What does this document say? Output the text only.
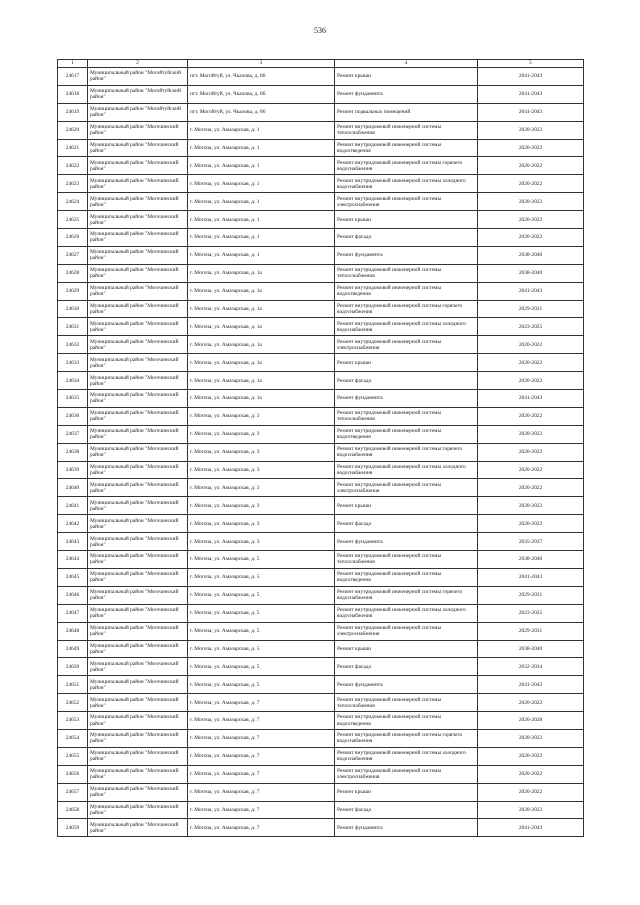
536
1	2	3	4	5
24617	Муниципальный район "Могойтуйский район"	пгт. Могойтуй, ул. Чкалова, д. 86	Ремонт крыши	2041-2043
24618	Муниципальный район "Могойтуйский район"	пгт. Могойтуй, ул. Чкалова, д. 86	Ремонт фундамента	2041-2043
24619	Муниципальный район "Могойтуйский район"	пгт. Могойтуй, ул. Чкалова, д. 86	Ремонт подвальных помещений	2041-2043
24620	Муниципальный район "Могочинский район"	г. Могоча, ул. Амазарская, д. 1	Ремонт внутридомовой инженерной системы теплоснабжения	2020-2022
24621	Муниципальный район "Могочинский район"	г. Могоча, ул. Амазарская, д. 1	Ремонт внутридомовой инженерной системы водоотведения	2020-2022
24622	Муниципальный район "Могочинский район"	г. Могоча, ул. Амазарская, д. 1	Ремонт внутридомовой инженерной системы горячего водоснабжения	2020-2022
24623	Муниципальный район "Могочинский район"	г. Могоча, ул. Амазарская, д. 1	Ремонт внутридомовой инженерной системы холодного водоснабжения	2020-2022
24624	Муниципальный район "Могочинский район"	г. Могоча, ул. Амазарская, д. 1	Ремонт внутридомовой инженерной системы электроснабжения	2020-2022
24625	Муниципальный район "Могочинский район"	г. Могоча, ул. Амазарская, д. 1	Ремонт крыши	2020-2022
24626	Муниципальный район "Могочинский район"	г. Могоча, ул. Амазарская, д. 1	Ремонт фасада	2020-2022
24627	Муниципальный район "Могочинский район"	г. Могоча, ул. Амазарская, д. 1	Ремонт фундамента	2038-2040
24628	Муниципальный район "Могочинский район"	г. Могоча, ул. Амазарская, д. 1а	Ремонт внутридомовой инженерной системы теплоснабжения	2038-2040
24629	Муниципальный район "Могочинский район"	г. Могоча, ул. Амазарская, д. 1а	Ремонт внутридомовой инженерной системы водоотведения	2041-2043
24630	Муниципальный район "Могочинский район"	г. Могоча, ул. Амазарская, д. 1а	Ремонт внутридомовой инженерной системы горячего водоснабжения	2029-2031
24631	Муниципальный район "Могочинский район"	г. Могоча, ул. Амазарская, д. 1а	Ремонт внутридомовой инженерной системы холодного водоснабжения	2023-2025
24632	Муниципальный район "Могочинский район"	г. Могоча, ул. Амазарская, д. 1а	Ремонт внутридомовой инженерной системы электроснабжения	2020-2022
24633	Муниципальный район "Могочинский район"	г. Могоча, ул. Амазарская, д. 1а	Ремонт крыши	2020-2022
24634	Муниципальный район "Могочинский район"	г. Могоча, ул. Амазарская, д. 1а	Ремонт фасада	2020-2022
24635	Муниципальный район "Могочинский район"	г. Могоча, ул. Амазарская, д. 1а	Ремонт фундамента	2041-2043
24636	Муниципальный район "Могочинский район"	г. Могоча, ул. Амазарская, д. 3	Ремонт внутридомовой инженерной системы теплоснабжения	2020-2022
24637	Муниципальный район "Могочинский район"	г. Могоча, ул. Амазарская, д. 3	Ремонт внутридомовой инженерной системы водоотведения	2020-2022
24638	Муниципальный район "Могочинский район"	г. Могоча, ул. Амазарская, д. 3	Ремонт внутридомовой инженерной системы горячего водоснабжения	2020-2022
24639	Муниципальный район "Могочинский район"	г. Могоча, ул. Амазарская, д. 3	Ремонт внутридомовой инженерной системы холодного водоснабжения	2020-2022
24640	Муниципальный район "Могочинский район"	г. Могоча, ул. Амазарская, д. 3	Ремонт внутридомовой инженерной системы электроснабжения	2020-2022
24641	Муниципальный район "Могочинский район"	г. Могоча, ул. Амазарская, д. 3	Ремонт крыши	2020-2022
24642	Муниципальный район "Могочинский район"	г. Могоча, ул. Амазарская, д. 3	Ремонт фасада	2020-2022
24643	Муниципальный район "Могочинский район"	г. Могоча, ул. Амазарская, д. 3	Ремонт фундамента	2035-2037
24644	Муниципальный район "Могочинский район"	г. Могоча, ул. Амазарская, д. 5	Ремонт внутридомовой инженерной системы теплоснабжения	2038-2040
24645	Муниципальный район "Могочинский район"	г. Могоча, ул. Амазарская, д. 5	Ремонт внутридомовой инженерной системы водоотведения	2041-2043
24646	Муниципальный район "Могочинский район"	г. Могоча, ул. Амазарская, д. 5	Ремонт внутридомовой инженерной системы горячего водоснабжения	2029-2031
24647	Муниципальный район "Могочинский район"	г. Могоча, ул. Амазарская, д. 5	Ремонт внутридомовой инженерной системы холодного водоснабжения	2023-2025
24648	Муниципальный район "Могочинский район"	г. Могоча, ул. Амазарская, д. 5	Ремонт внутридомовой инженерной системы электроснабжения	2029-2031
24649	Муниципальный район "Могочинский район"	г. Могоча, ул. Амазарская, д. 5	Ремонт крыши	2038-2040
24650	Муниципальный район "Могочинский район"	г. Могоча, ул. Амазарская, д. 5	Ремонт фасада	2032-2034
24651	Муниципальный район "Могочинский район"	г. Могоча, ул. Амазарская, д. 5	Ремонт фундамента	2041-2043
24652	Муниципальный район "Могочинский район"	г. Могоча, ул. Амазарская, д. 7	Ремонт внутридомовой инженерной системы теплоснабжения	2020-2022
24653	Муниципальный район "Могочинский район"	г. Могоча, ул. Амазарская, д. 7	Ремонт внутридомовой инженерной системы водоотведения	2026-2028
24654	Муниципальный район "Могочинский район"	г. Могоча, ул. Амазарская, д. 7	Ремонт внутридомовой инженерной системы горячего водоснабжения	2020-2022
24655	Муниципальный район "Могочинский район"	г. Могоча, ул. Амазарская, д. 7	Ремонт внутридомовой инженерной системы холодного водоснабжения	2020-2022
24656	Муниципальный район "Могочинский район"	г. Могоча, ул. Амазарская, д. 7	Ремонт внутридомовой инженерной системы электроснабжения	2020-2022
24657	Муниципальный район "Могочинский район"	г. Могоча, ул. Амазарская, д. 7	Ремонт крыши	2020-2022
24658	Муниципальный район "Могочинский район"	г. Могоча, ул. Амазарская, д. 7	Ремонт фасада	2020-2022
24659	Муниципальный район "Могочинский район"	г. Могоча, ул. Амазарская, д. 7	Ремонт фундамента	2041-2043
